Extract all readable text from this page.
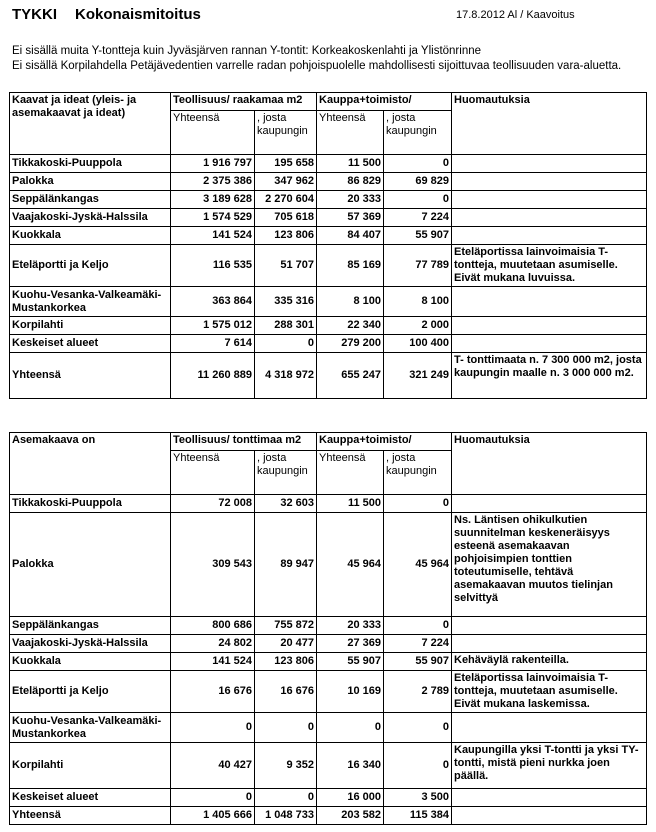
TYKKI Kokonaismitoitus	17.8.2012 Al / Kaavoitus
Ei sisällä muita Y-tontteja kuin Jyväsjärven rannan Y-tontit: Korkeakoskenlahti ja Ylistönrinne
Ei sisällä Korpilahdella Petäjävedentien varrelle radan pohjoispuolelle mahdollisesti sijoittuvaa teollisuuden vara-aluetta.
Kaavat ja ideat (yleis- ja asemakaavat ja ideat)	Teollisuus/ raakamaa m2		Kauppa+toimisto/		Huomautuksia
	Yhteensä	, josta kaupungin	Yhteensä	, josta kaupungin	
Tikkakoski-Puuppola	1 916 797	195 658	11 500	0	
Palokka	2 375 386	347 962	86 829	69 829	
Seppälänkangas	3 189 628	2 270 604	20 333	0	
Vaajakoski-Jyskä-Halssila	1 574 529	705 618	57 369	7 224	
Kuokkala	141 524	123 806	84 407	55 907	
Eteläportti ja Keljo	116 535	51 707	85 169	77 789	Eteläportissa lainvoimaisia T-tontteja, muutetaan asumiselle. Eivät mukana luvuissa.
Kuohu-Vesanka-Valkeamäki-Mustankorkea	363 864	335 316	8 100	8 100	
Korpilahti	1 575 012	288 301	22 340	2 000	
Keskeiset alueet	7 614	0	279 200	100 400	
Yhteensä	11 260 889	4 318 972	655 247	321 249	T- tonttimaata n. 7 300 000 m2, josta kaupungin maalle n. 3 000 000 m2.
Asemakaava on	Teollisuus/ tonttimaa m2		Kauppa+toimisto/		Huomautuksia
	Yhteensä	, josta kaupungin	Yhteensä	, josta kaupungin	
Tikkakoski-Puuppola	72 008	32 603	11 500	0	
Palokka	309 543	89 947	45 964	45 964	Ns. Läntisen ohikulkutien suunnitelman keskeneräisyys esteenä asemakaavan pohjoisimpien tonttien toteutumiselle, tehtävä asemakaavan muutos tielinjan selvittyä
Seppälänkangas	800 686	755 872	20 333	0	
Vaajakoski-Jyskä-Halssila	24 802	20 477	27 369	7 224	
Kuokkala	141 524	123 806	55 907	55 907	Kehäväylä rakenteilla.
Eteläportti ja Keljo	16 676	16 676	10 169	2 789	Eteläportissa lainvoimaisia T-tontteja, muutetaan asumiselle. Eivät mukana laskemissa.
Kuohu-Vesanka-Valkeamäki-Mustankorkea	0	0	0	0	
Korpilahti	40 427	9 352	16 340	0	Kaupungilla yksi T-tontti ja yksi TY-tontti, mistä pieni nurkka joen päällä.
Keskeiset alueet	0	0	16 000	3 500	
Yhteensä	1 405 666	1 048 733	203 582	115 384	
